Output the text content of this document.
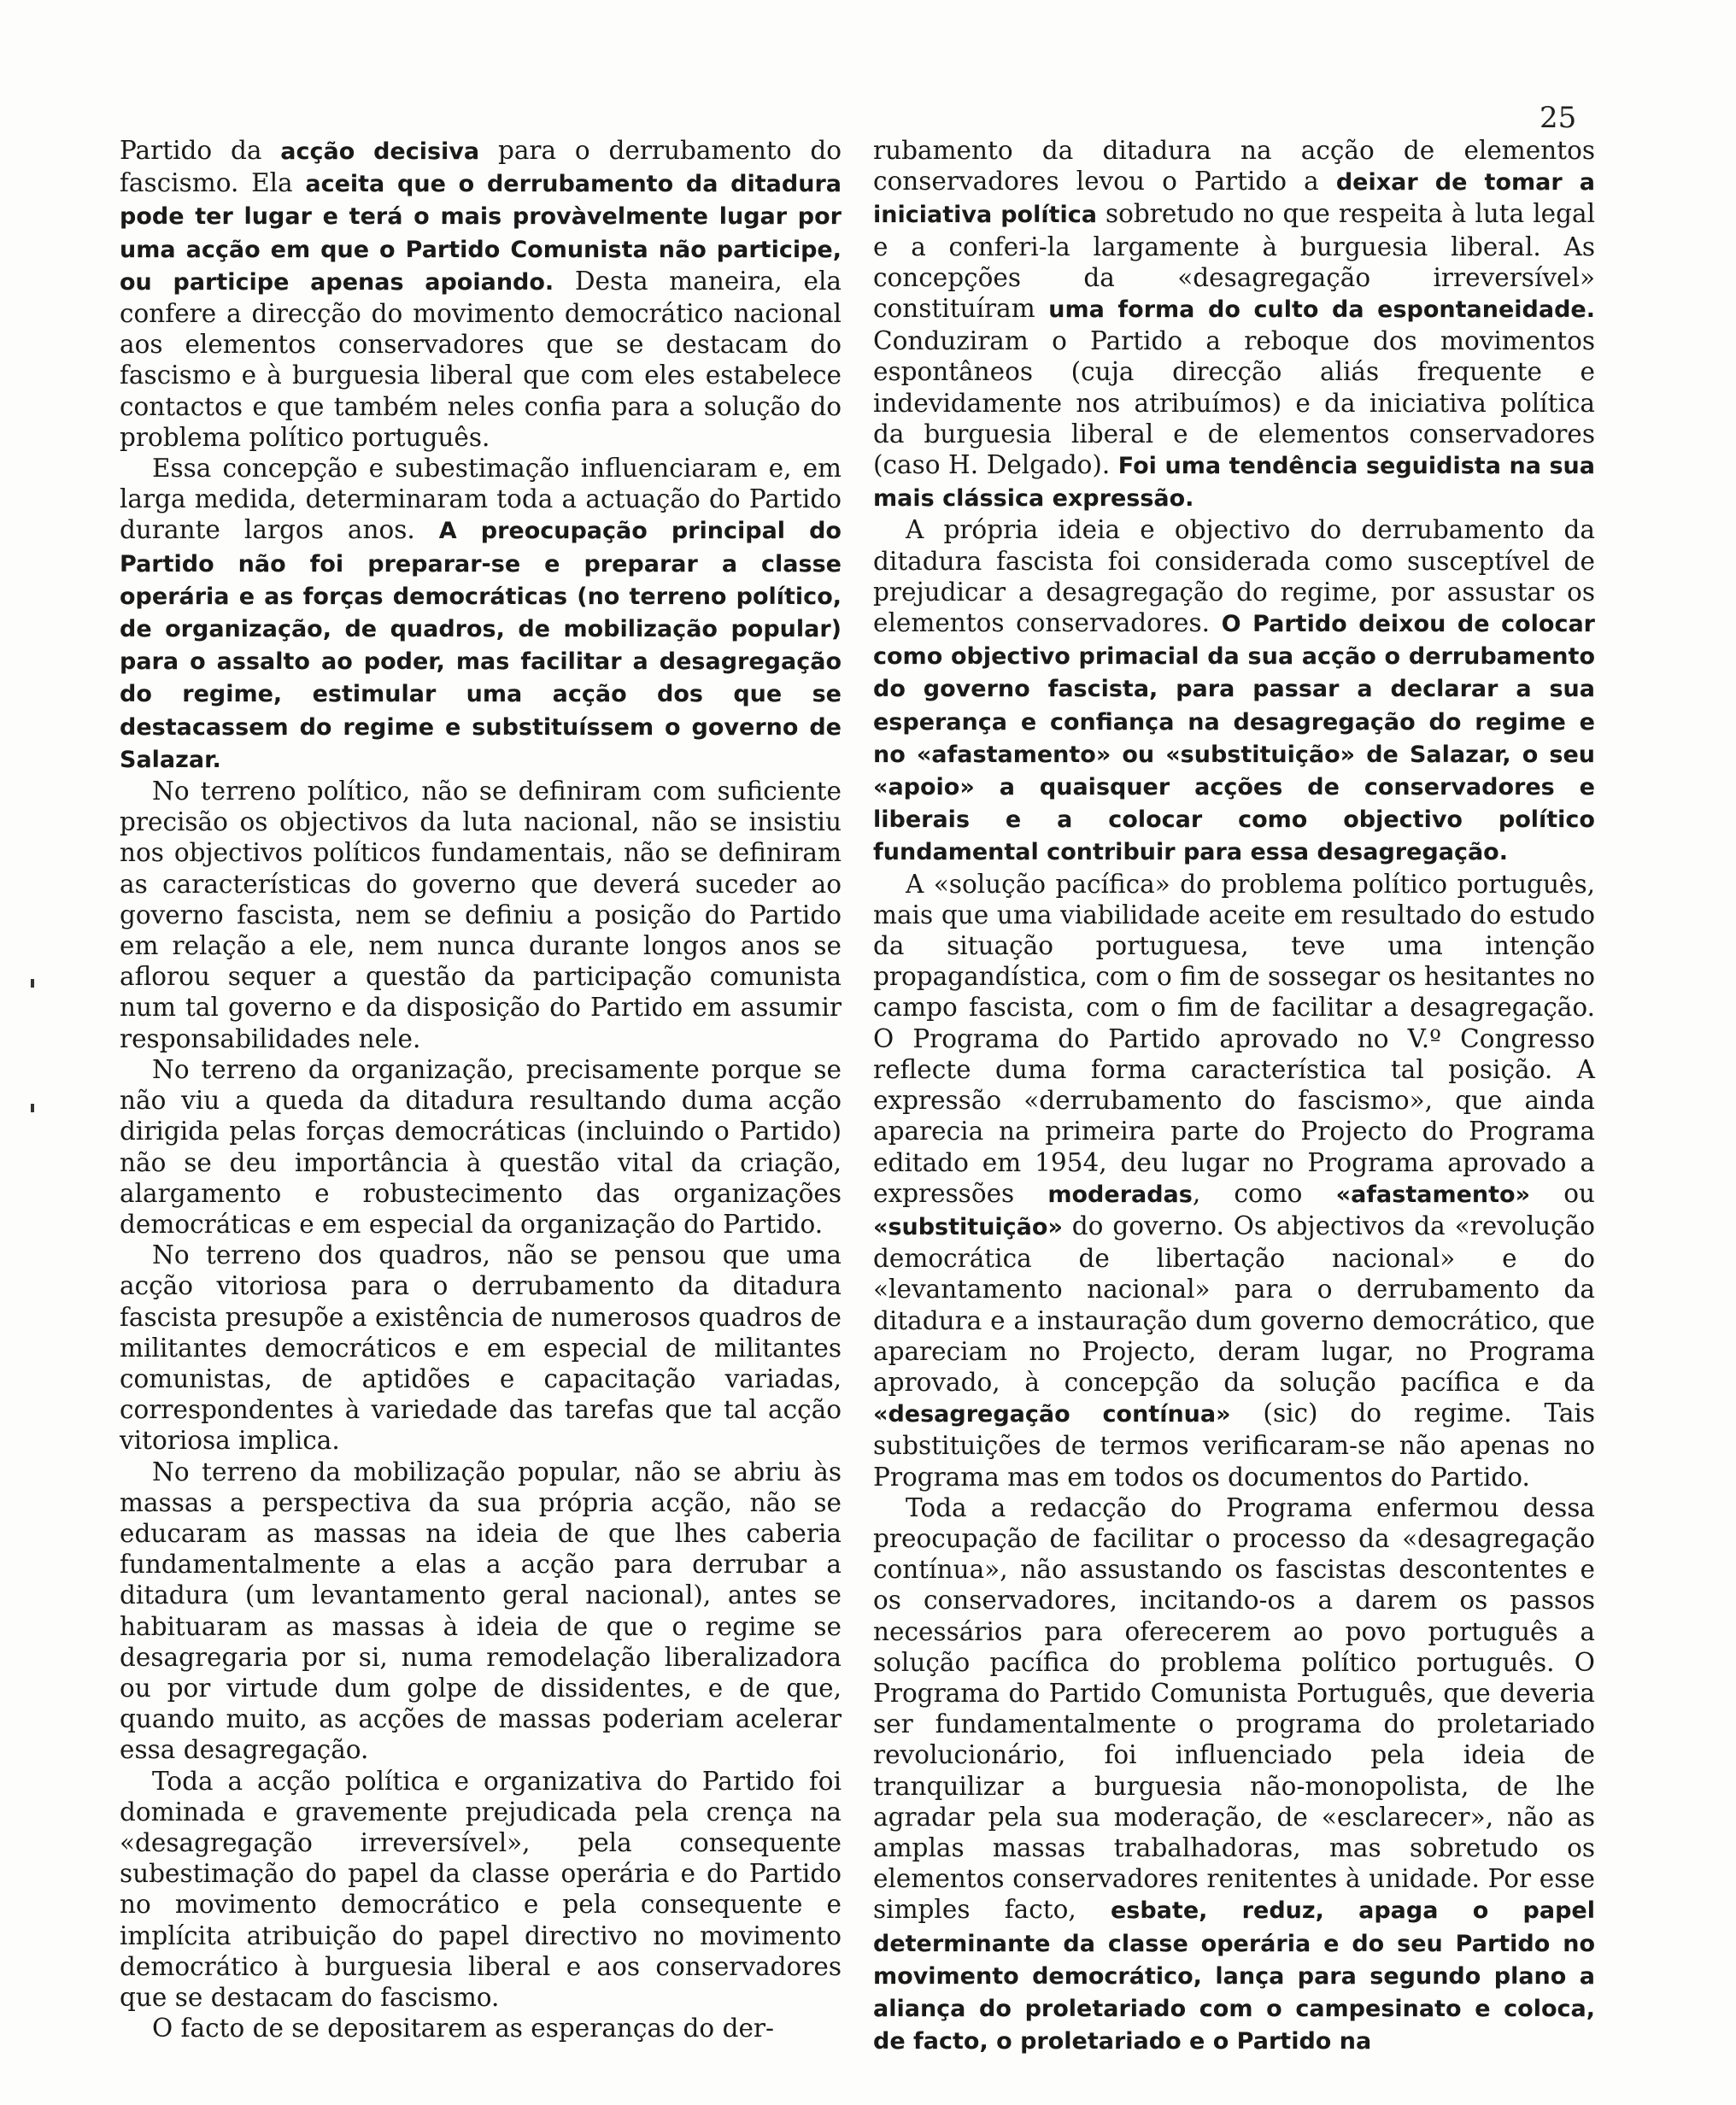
25

Partido da acção decisiva para o derrubamento do fascismo. Ela aceita que o derrubamento da ditadura pode ter lugar e terá o mais provàvelmente lugar por uma acção em que o Partido Comunista não participe, ou participe apenas apoiando. Desta maneira, ela confere a direcção do movimento democrático nacional aos elementos conservadores que se destacam do fascismo e à burguesia liberal que com eles estabelece contactos e que também neles confia para a solução do problema político português.

Essa concepção e subestimação influenciaram e, em larga medida, determinaram toda a actuação do Partido durante largos anos. A preocupação principal do Partido não foi preparar-se e preparar a classe operária e as forças democráticas (no terreno político, de organização, de quadros, de mobilização popular) para o assalto ao poder, mas facilitar a desagregação do regime, estimular uma acção dos que se destacassem do regime e substituíssem o governo de Salazar.

No terreno político, não se definiram com suficiente precisão os objectivos da luta nacional, não se insistiu nos objectivos políticos fundamentais, não se definiram as características do governo que deverá suceder ao governo fascista, nem se definiu a posição do Partido em relação a ele, nem nunca durante longos anos se aflorou sequer a questão da participação comunista num tal governo e da disposição do Partido em assumir responsabilidades nele.

No terreno da organização, precisamente porque se não viu a queda da ditadura resultando duma acção dirigida pelas forças democráticas (incluindo o Partido) não se deu importância à questão vital da criação, alargamento e robustecimento das organizações democráticas e em especial da organização do Partido.

No terreno dos quadros, não se pensou que uma acção vitoriosa para o derrubamento da ditadura fascista presupõe a existência de numerosos quadros de militantes democráticos e em especial de militantes comunistas, de aptidões e capacitação variadas, correspondentes à variedade das tarefas que tal acção vitoriosa implica.

No terreno da mobilização popular, não se abriu às massas a perspectiva da sua própria acção, não se educaram as massas na ideia de que lhes caberia fundamentalmente a elas a acção para derrubar a ditadura (um levantamento geral nacional), antes se habituaram as massas à ideia de que o regime se desagregaria por si, numa remodelação liberalizadora ou por virtude dum golpe de dissidentes, e de que, quando muito, as acções de massas poderiam acelerar essa desagregação.

Toda a acção política e organizativa do Partido foi dominada e gravemente prejudicada pela crença na «desagregação irreversível», pela consequente subestimação do papel da classe operária e do Partido no movimento democrático e pela consequente e implícita atribuição do papel directivo no movimento democrático à burguesia liberal e aos conservadores que se destacam do fascismo.

O facto de se depositarem as esperanças do der-

rubamento da ditadura na acção de elementos conservadores levou o Partido a deixar de tomar a iniciativa política sobretudo no que respeita à luta legal e a conferi-la largamente à burguesia liberal. As concepções da «desagregação irreversível» constituíram uma forma do culto da espontaneidade. Conduziram o Partido a reboque dos movimentos espontâneos (cuja direcção aliás frequente e indevidamente nos atribuímos) e da iniciativa política da burguesia liberal e de elementos conservadores (caso H. Delgado). Foi uma tendência seguidista na sua mais clássica expressão.

A própria ideia e objectivo do derrubamento da ditadura fascista foi considerada como susceptível de prejudicar a desagregação do regime, por assustar os elementos conservadores. O Partido deixou de colocar como objectivo primacial da sua acção o derrubamento do governo fascista, para passar a declarar a sua esperança e confiança na desagregação do regime e no «afastamento» ou «substituição» de Salazar, o seu «apoio» a quaisquer acções de conservadores e liberais e a colocar como objectivo político fundamental contribuir para essa desagregação.

A «solução pacífica» do problema político português, mais que uma viabilidade aceite em resultado do estudo da situação portuguesa, teve uma intenção propagandística, com o fim de sossegar os hesitantes no campo fascista, com o fim de facilitar a desagregação. O Programa do Partido aprovado no V.º Congresso reflecte duma forma característica tal posição. A expressão «derrubamento do fascismo», que ainda aparecia na primeira parte do Projecto do Programa editado em 1954, deu lugar no Programa aprovado a expressões moderadas, como «afastamento» ou «substituição» do governo. Os abjectivos da «revolução democrática de libertação nacional» e do «levantamento nacional» para o derrubamento da ditadura e a instauração dum governo democrático, que apareciam no Projecto, deram lugar, no Programa aprovado, à concepção da solução pacífica e da «desagregação contínua» (sic) do regime. Tais substituições de termos verificaram-se não apenas no Programa mas em todos os documentos do Partido.

Toda a redacção do Programa enfermou dessa preocupação de facilitar o processo da «desagregação contínua», não assustando os fascistas descontentes e os conservadores, incitando-os a darem os passos necessários para oferecerem ao povo português a solução pacífica do problema político português. O Programa do Partido Comunista Português, que deveria ser fundamentalmente o programa do proletariado revolucionário, foi influenciado pela ideia de tranquilizar a burguesia não-monopolista, de lhe agradar pela sua moderação, de «esclarecer», não as amplas massas trabalhadoras, mas sobretudo os elementos conservadores renitentes à unidade. Por esse simples facto, esbate, reduz, apaga o papel determinante da classe operária e do seu Partido no movimento democrático, lança para segundo plano a aliança do proletariado com o campesinato e coloca, de facto, o proletariado e o Partido na
